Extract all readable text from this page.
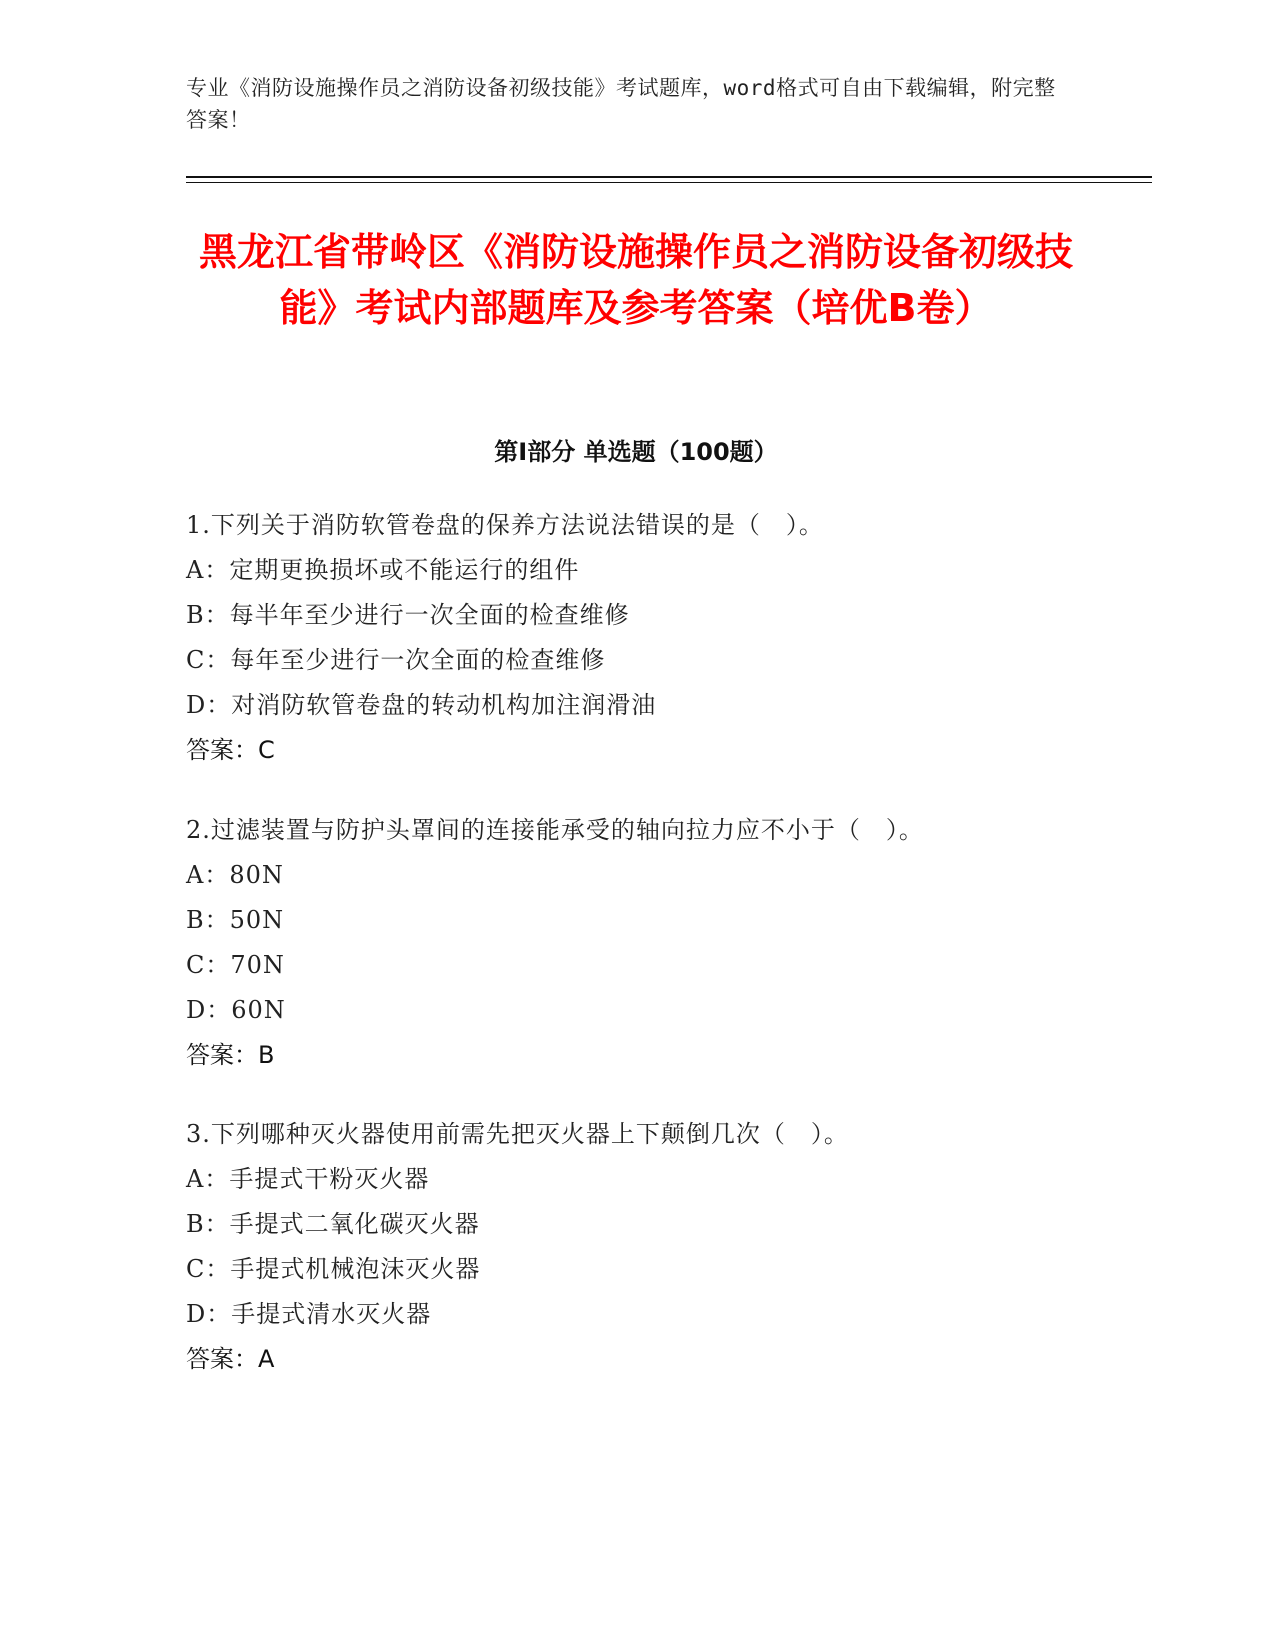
专业《消防设施操作员之消防设备初级技能》考试题库，word格式可自由下载编辑，附完整答案！
黑龙江省带岭区《消防设施操作员之消防设备初级技能》考试内部题库及参考答案（培优B卷）
第I部分 单选题（100题）
1.下列关于消防软管卷盘的保养方法说法错误的是（　）。
A：定期更换损坏或不能运行的组件
B：每半年至少进行一次全面的检查维修
C：每年至少进行一次全面的检查维修
D：对消防软管卷盘的转动机构加注润滑油
答案：C
2.过滤装置与防护头罩间的连接能承受的轴向拉力应不小于（　）。
A：80N
B：50N
C：70N
D：60N
答案：B
3.下列哪种灭火器使用前需先把灭火器上下颠倒几次（　）。
A：手提式干粉灭火器
B：手提式二氧化碳灭火器
C：手提式机械泡沫灭火器
D：手提式清水灭火器
答案：A
